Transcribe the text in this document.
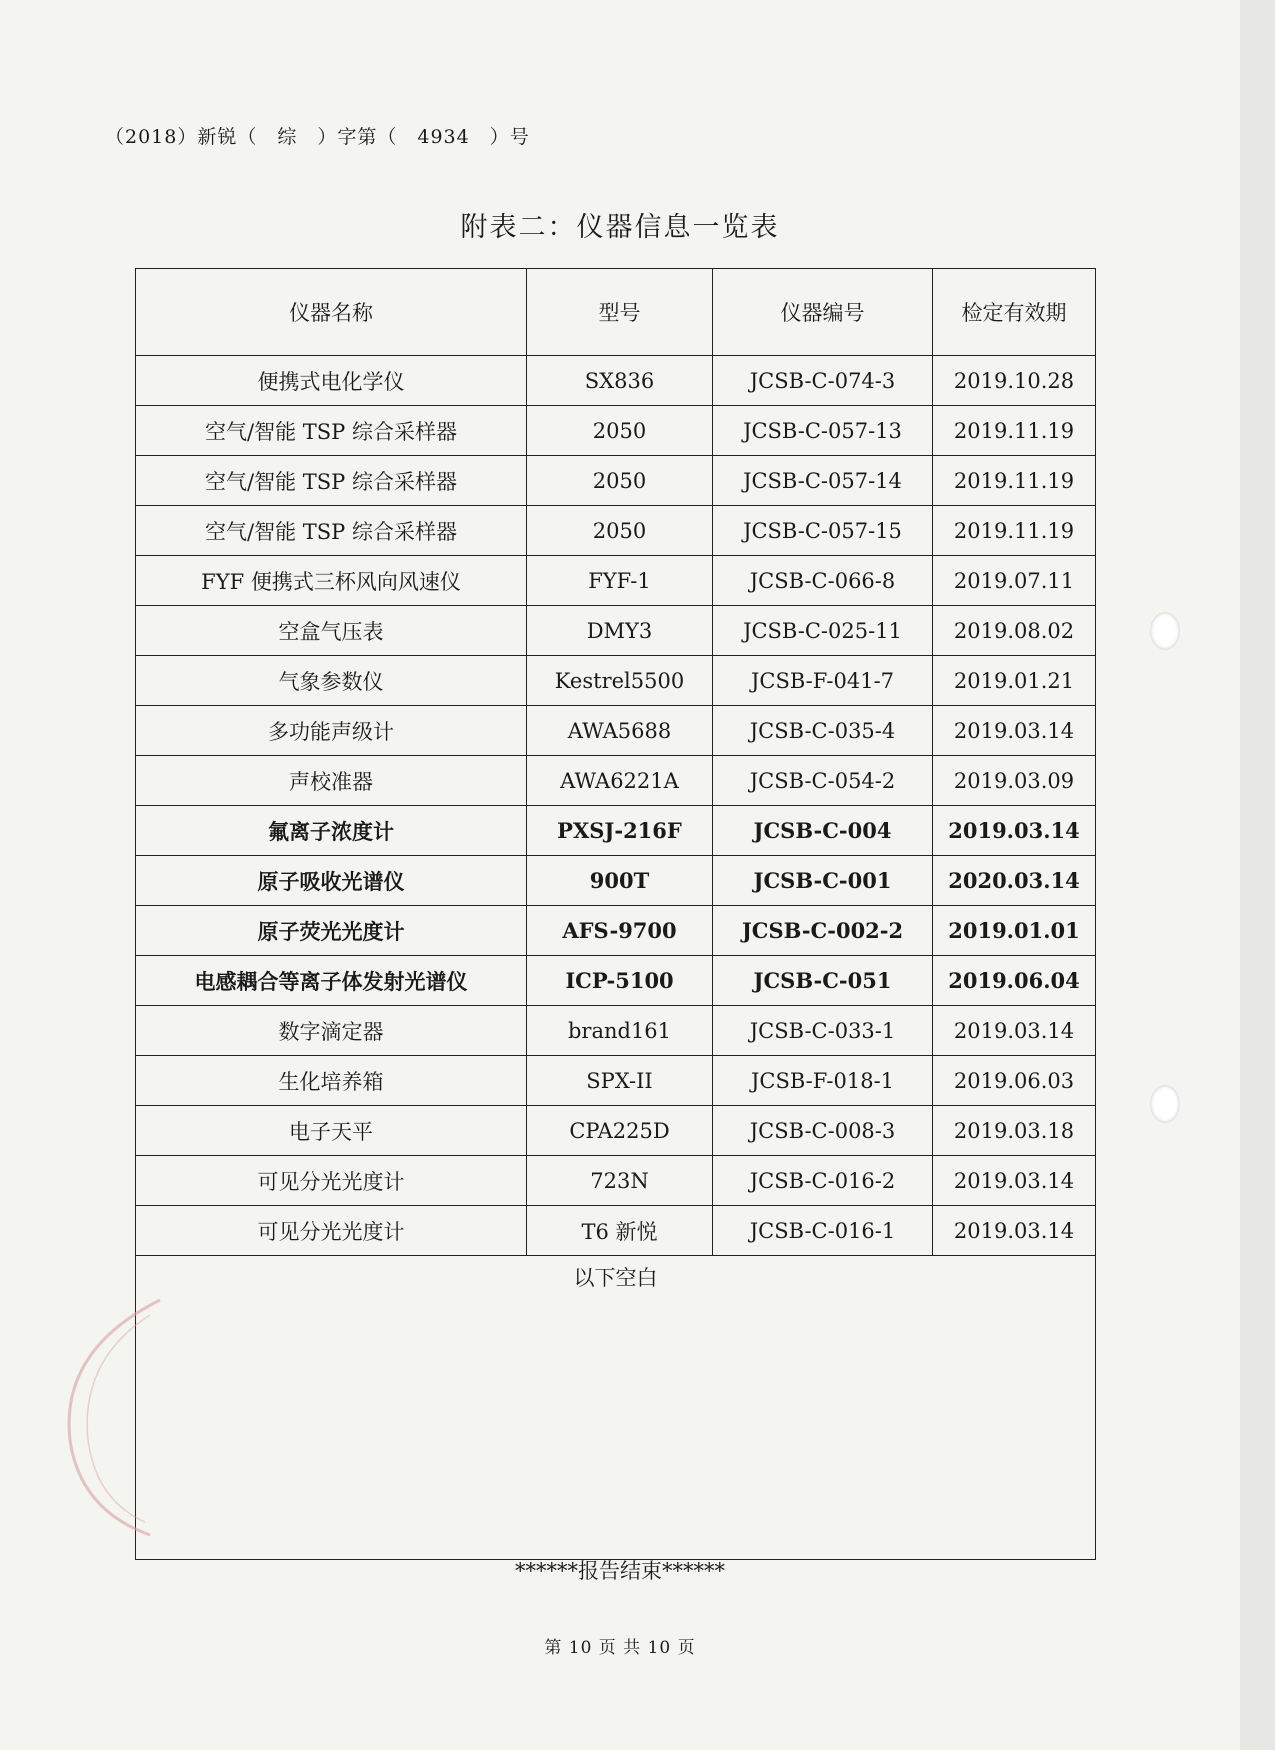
（2018）新锐（　综　）字第（　4934　）号
附表二：仪器信息一览表
仪器名称	型号	仪器编号	检定有效期
便携式电化学仪	SX836	JCSB-C-074-3	2019.10.28
空气/智能 TSP 综合采样器	2050	JCSB-C-057-13	2019.11.19
空气/智能 TSP 综合采样器	2050	JCSB-C-057-14	2019.11.19
空气/智能 TSP 综合采样器	2050	JCSB-C-057-15	2019.11.19
FYF 便携式三杯风向风速仪	FYF-1	JCSB-C-066-8	2019.07.11
空盒气压表	DMY3	JCSB-C-025-11	2019.08.02
气象参数仪	Kestrel5500	JCSB-F-041-7	2019.01.21
多功能声级计	AWA5688	JCSB-C-035-4	2019.03.14
声校准器	AWA6221A	JCSB-C-054-2	2019.03.09
氟离子浓度计	PXSJ-216F	JCSB-C-004	2019.03.14
原子吸收光谱仪	900T	JCSB-C-001	2020.03.14
原子荧光光度计	AFS-9700	JCSB-C-002-2	2019.01.01
电感耦合等离子体发射光谱仪	ICP-5100	JCSB-C-051	2019.06.04
数字滴定器	brand161	JCSB-C-033-1	2019.03.14
生化培养箱	SPX-II	JCSB-F-018-1	2019.06.03
电子天平	CPA225D	JCSB-C-008-3	2019.03.18
可见分光光度计	723N	JCSB-C-016-2	2019.03.14
可见分光光度计	T6 新悦	JCSB-C-016-1	2019.03.14
以下空白			
******报告结束******
第 10 页 共 10 页
